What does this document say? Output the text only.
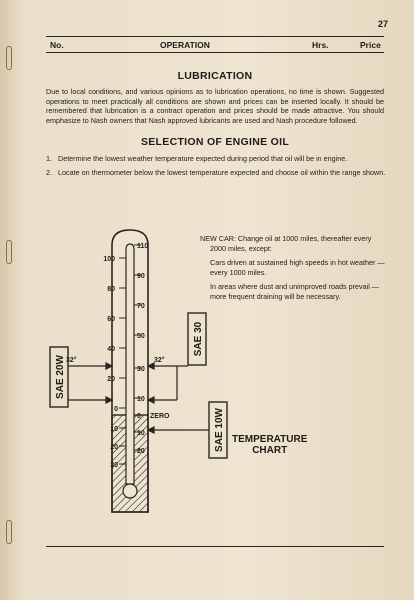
27
No.	OPERATION	Hrs.	Price
LUBRICATION

Due to local conditions, and various opinions as to lubrication operations, no time is shown. Suggested operations to meet practically all conditions are shown and prices can be inserted locally. It should be remembered that lubrication is a contract operation and prices should be made attractive. You should emphasize to Nash owners that Nash approved lubricants are used and Nash procedure followed.

SELECTION OF ENGINE OIL
1. Determine the lowest weather temperature expected during period that oil will be in engine.
2. Locate on thermometer below the lowest temperature expected and choose oil within the range shown.

NEW CAR: Change oil at 1000 miles, thereafter every 2000 miles, except:

Cars driven at sustained high speeds in hot weather — every 1000 miles.

In areas where dust and unimproved roads prevail — more frequent draining will be necessary.

100
80
60
40
20
0
10
20
30
110
90
70
50
30
10
0
10
20
ZERO
32°	32°
SAE 20W
SAE 30
SAE 10W TEMPERATURE
CHART
